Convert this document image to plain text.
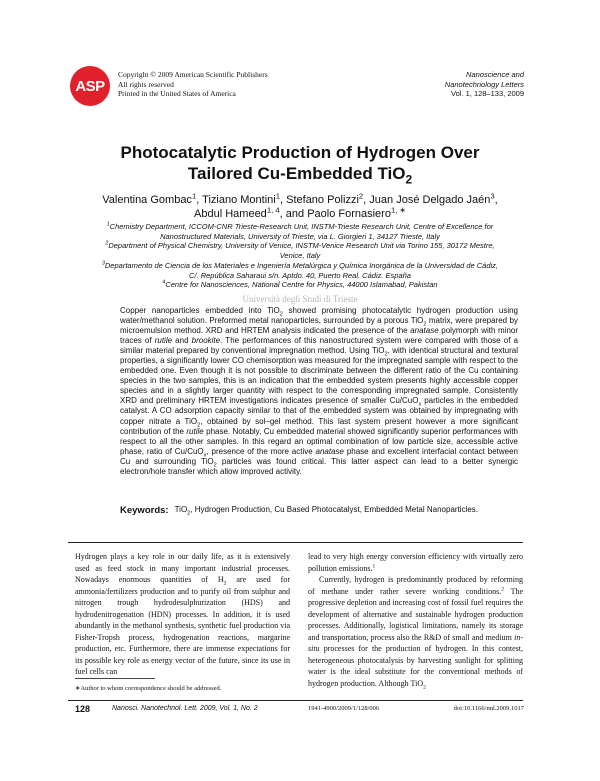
ASP
Copyright © 2009 American Scientific Publishers
All rights reserved
Printed in the United States of America
Nanoscience and
Nanotechnology Letters
Vol. 1, 128–133, 2009
Photocatalytic Production of Hydrogen Over
Tailored Cu-Embedded TiO$_2$
Valentina Gombac$^1$, Tiziano Montini$^1$, Stefano Polizzi$^2$, Juan José Delgado Jaén$^3$, Abdul Hameed$^{1, 4}$, and Paolo Fornasiero$^{1, ∗}$
$^1$Chemistry Department, ICCOM-CNR Trieste-Research Unit, INSTM-Trieste Research Unit, Centre of Excellence for Nanostructured Materials, University of Trieste, via L. Giorgieri 1, 34127 Trieste, Italy
$^2$Department of Physical Chemistry, University of Venice, INSTM-Venice Research Unit via Torino 155, 30172 Mestre, Venice, Italy
$^3$Departamento de Ciencia de los Materiales e Ingeniería Metalúrgica y Química Inorgánica de la Universidad de Cádiz, C/. República Saharaui s/n. Aptdo. 40, Puerto Real. Cádiz. España
$^4$Centre for Nanosciences, National Centre for Physics, 44000 Islamabad, Pakistan
Università degli Studi di Trieste
Copper nanoparticles embedded into TiO$_2$ showed promising photocatalytic hydrogen production using water/methanol solution. Preformed metal nanoparticles, surrounded by a porous TiO$_2$ matrix, were prepared by microemulsion method. XRD and HRTEM analysis indicated the presence of the anatase polymorph with minor traces of rutile and brookite. The performances of this nanostructured system were compared with those of a similar material prepared by conventional impregnation method. Using TiO$_2$, with identical structural and textural properties, a significantly lower CO chemisorption was measured for the impregnated sample with respect to the embedded one. Even though it is not possible to discriminate between the different ratio of the Cu containing species in the two samples, this is an indication that the embedded system presents highly accessible copper species and in a slightly larger quantity with respect to the corresponding impregnated sample. Consistently XRD and preliminary HRTEM investigations indicates presence of smaller Cu/CuO$_x$ particles in the embedded catalyst. A CO adsorption capacity similar to that of the embedded system was obtained by impregnating with copper nitrate a TiO$_2$, obtained by sol–gel method. This last system present however a more significant contribution of the rutile phase. Notably, Cu embedded material showed significantly superior performances with respect to all the other samples. In this regard an optimal combination of low particle size, accessible active phase, ratio of Cu/CuO$_x$, presence of the more active anatase phase and excellent interfacial contact between Cu and surrounding TiO$_2$ particles was found critical. This latter aspect can lead to a better synergic electron/hole transfer which allow improved activity.
Keywords: TiO$_2$, Hydrogen Production, Cu Based Photocatalyst, Embedded Metal Nanoparticles.

Hydrogen plays a key role in our daily life, as it is extensively used as feed stock in many important industrial processes. Nowadays enormous quantities of $H_2$ are used for ammonia/fertilizers production and to purify oil from sulphur and nitrogen trough hydrodesulphurization (HDS) and hydrodenitrogenation (HDN) processes. In addition, it is used abundantly in the methanol synthesis, synthetic fuel production via Fisher-Tropsh process, hydrogenation reactions, margarine production, etc. Furthermore, there are immense expectations for its possible key role as energy vector of the future, since its use in fuel cells can

lead to very high energy conversion efficiency with virtually zero pollution emissions.$^1$

Currently, hydrogen is predominantly produced by reforming of methane under rather severe working conditions.$^2$ The progressive depletion and increasing cost of fossil fuel requires the development of alternative and sustainable hydrogen production processes. Additionally, logistical limitations, namely its storage and transportation, process also the R&D of small and medium in-situ processes for the production of hydrogen. In this contest, heterogeneous photocatalysis by harvesting sunlight for splitting water is the ideal substitute for the conventional methods of hydrogen production. Although TiO$_2$

∗Author to whom correspondence should be addressed.
128	Nanosci. Nanotechnol. Lett. 2009, Vol. 1, No. 2	1941-4900/2009/1/128/006	doi:10.1166/nnl.2009.1017
